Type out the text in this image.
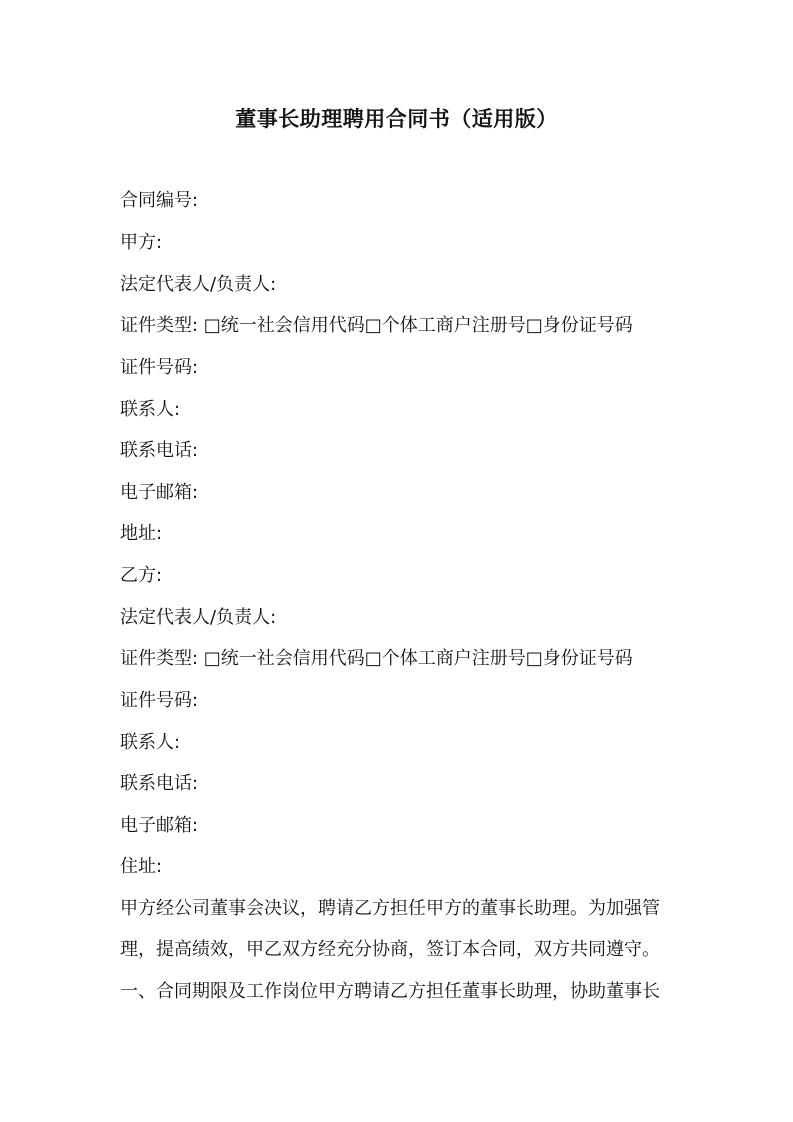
董事长助理聘用合同书（适用版）

合同编号:

甲方:

法定代表人/负责人:

证件类型: □统一社会信用代码□个体工商户注册号□身份证号码

证件号码:

联系人:

联系电话:

电子邮箱:

地址:

乙方:

法定代表人/负责人:

证件类型: □统一社会信用代码□个体工商户注册号□身份证号码

证件号码:

联系人:

联系电话:

电子邮箱:

住址:

甲方经公司董事会决议，聘请乙方担任甲方的董事长助理。为加强管

理，提高绩效，甲乙双方经充分协商，签订本合同，双方共同遵守。

一、合同期限及工作岗位甲方聘请乙方担任董事长助理，协助董事长
